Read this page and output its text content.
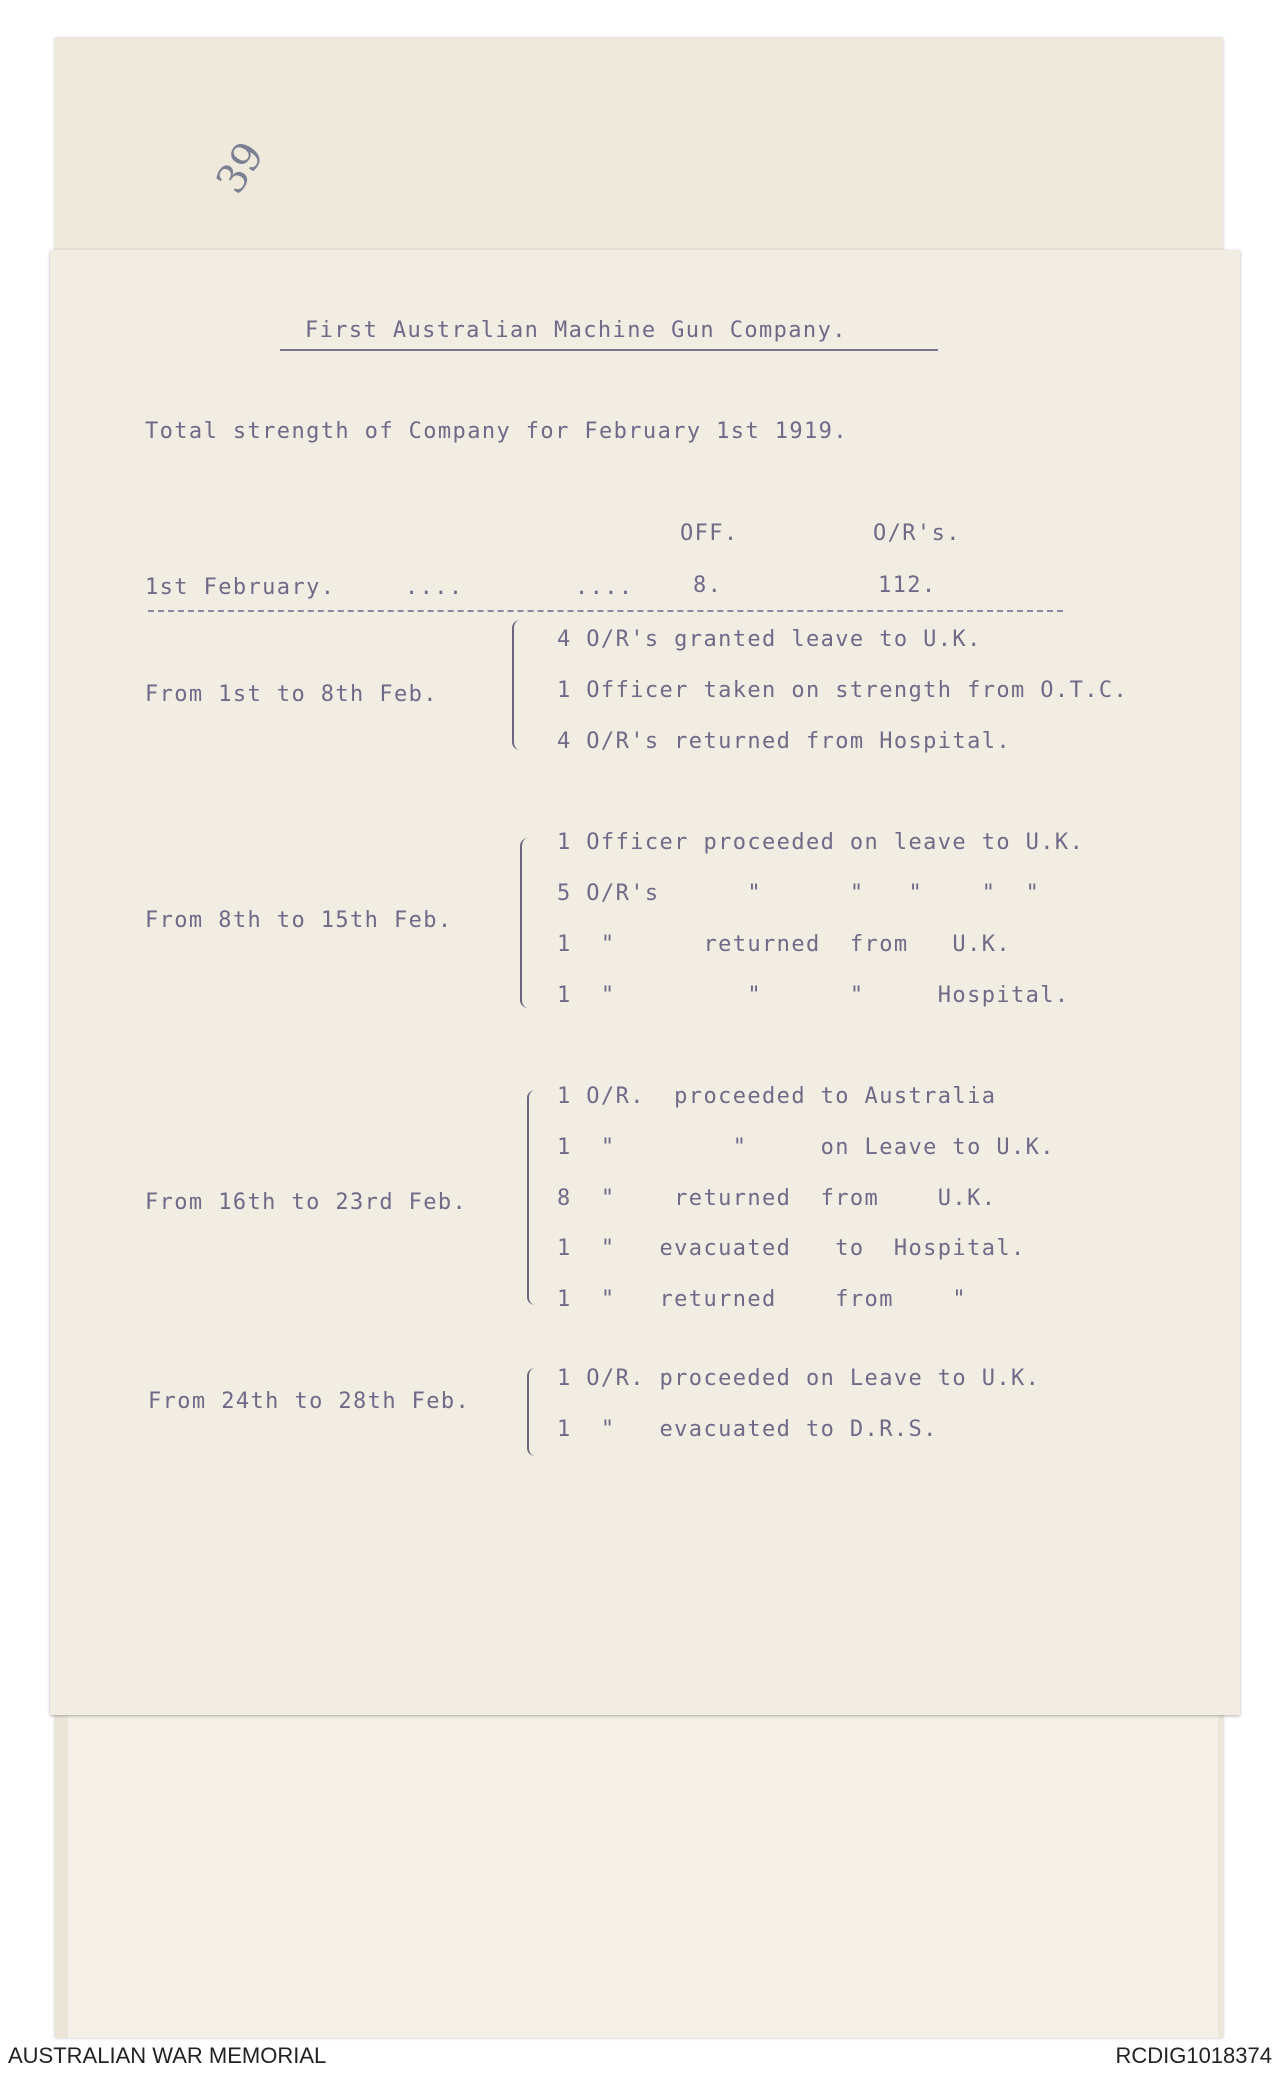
39
First Australian Machine Gun Company.
Total strength of Company for February 1st 1919.
OFF.	O/R's.
1st February.	....	....	8.	112.
From 1st to 8th Feb.
4 O/R's granted leave to U.K.
1 Officer taken on strength from O.T.C.
4 O/R's returned from Hospital.
From 8th to 15th Feb.
1 Officer proceeded on leave to U.K.
5 O/R's      "      "   "    "  "
1  "      returned  from   U.K.
1  "         "      "     Hospital.
From 16th to 23rd Feb.
1 O/R.  proceeded to Australia
1  "        "     on Leave to U.K.
8  "    returned  from    U.K.
1  "   evacuated   to  Hospital.
1  "   returned    from    "
From 24th to 28th Feb.
1 O/R. proceeded on Leave to U.K.
1  "   evacuated to D.R.S.
AUSTRALIAN WAR MEMORIAL	RCDIG1018374
